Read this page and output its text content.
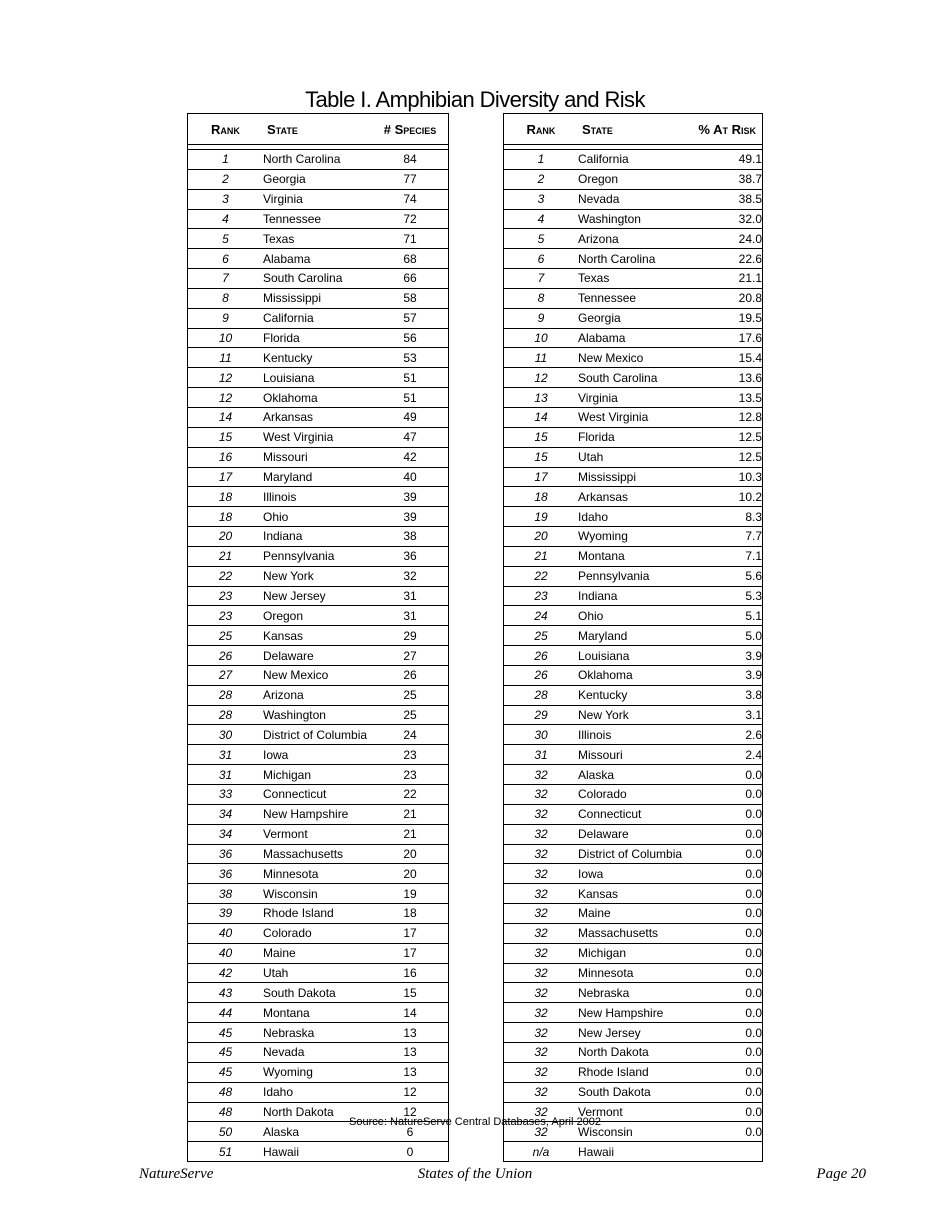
Table I. Amphibian Diversity and Risk
Rank	State	# Species

1	North Carolina	84
2	Georgia	77
3	Virginia	74
4	Tennessee	72
5	Texas	71
6	Alabama	68
7	South Carolina	66
8	Mississippi	58
9	California	57
10	Florida	56
11	Kentucky	53
12	Louisiana	51
12	Oklahoma	51
14	Arkansas	49
15	West Virginia	47
16	Missouri	42
17	Maryland	40
18	Illinois	39
18	Ohio	39
20	Indiana	38
21	Pennsylvania	36
22	New York	32
23	New Jersey	31
23	Oregon	31
25	Kansas	29
26	Delaware	27
27	New Mexico	26
28	Arizona	25
28	Washington	25
30	District of Columbia	24
31	Iowa	23
31	Michigan	23
33	Connecticut	22
34	New Hampshire	21
34	Vermont	21
36	Massachusetts	20
36	Minnesota	20
38	Wisconsin	19
39	Rhode Island	18
40	Colorado	17
40	Maine	17
42	Utah	16
43	South Dakota	15
44	Montana	14
45	Nebraska	13
45	Nevada	13
45	Wyoming	13
48	Idaho	12
48	North Dakota	12
50	Alaska	6
51	Hawaii	0
Rank	State	% At Risk

1	California	49.1
2	Oregon	38.7
3	Nevada	38.5
4	Washington	32.0
5	Arizona	24.0
6	North Carolina	22.6
7	Texas	21.1
8	Tennessee	20.8
9	Georgia	19.5
10	Alabama	17.6
11	New Mexico	15.4
12	South Carolina	13.6
13	Virginia	13.5
14	West Virginia	12.8
15	Florida	12.5
15	Utah	12.5
17	Mississippi	10.3
18	Arkansas	10.2
19	Idaho	8.3
20	Wyoming	7.7
21	Montana	7.1
22	Pennsylvania	5.6
23	Indiana	5.3
24	Ohio	5.1
25	Maryland	5.0
26	Louisiana	3.9
26	Oklahoma	3.9
28	Kentucky	3.8
29	New York	3.1
30	Illinois	2.6
31	Missouri	2.4
32	Alaska	0.0
32	Colorado	0.0
32	Connecticut	0.0
32	Delaware	0.0
32	District of Columbia	0.0
32	Iowa	0.0
32	Kansas	0.0
32	Maine	0.0
32	Massachusetts	0.0
32	Michigan	0.0
32	Minnesota	0.0
32	Nebraska	0.0
32	New Hampshire	0.0
32	New Jersey	0.0
32	North Dakota	0.0
32	Rhode Island	0.0
32	South Dakota	0.0
32	Vermont	0.0
32	Wisconsin	0.0
n/a	Hawaii	
Source: NatureServe Central Databases, April 2002
NatureServe	States of the Union	Page 20
